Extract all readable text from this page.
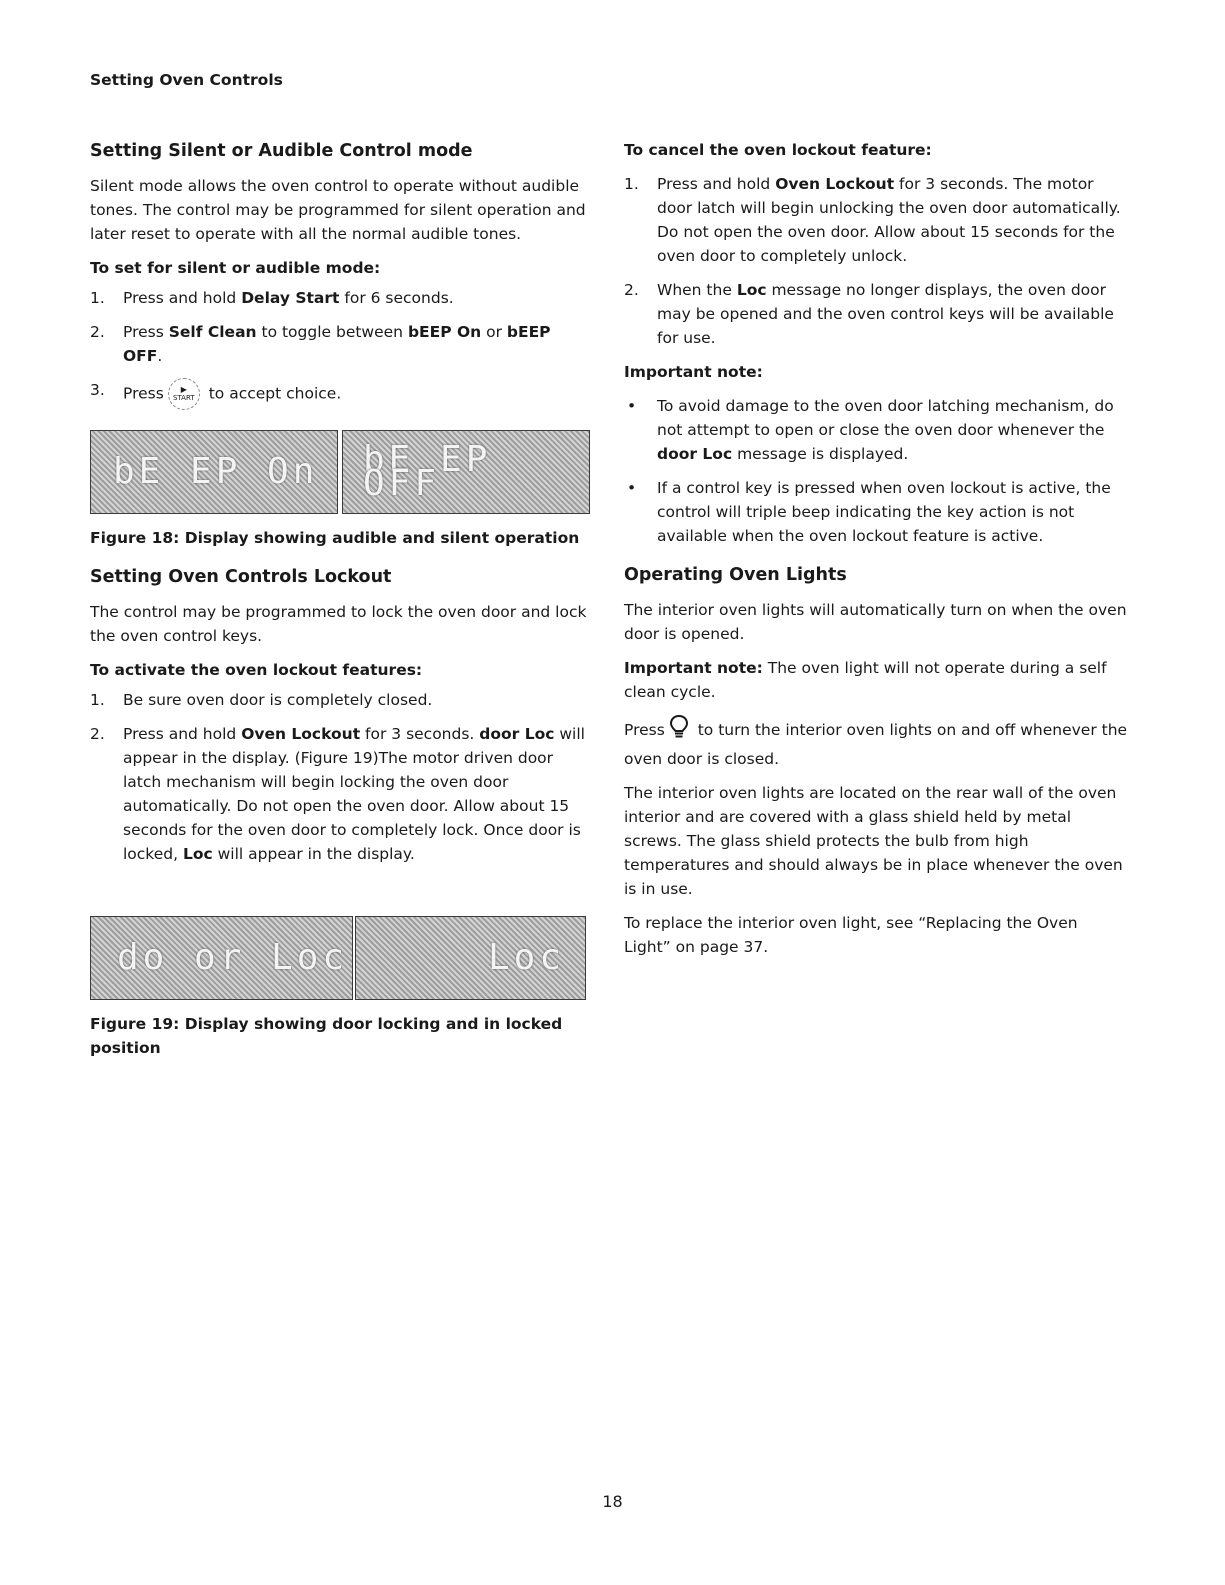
Setting Oven Controls
Setting Silent or Audible Control mode

Silent mode allows the oven control to operate without audible tones. The control may be programmed for silent operation and later reset to operate with all the normal audible tones.

To set for silent or audible mode:
1. Press and hold Delay Start for 6 seconds.
2. Press Self Clean to toggle between bEEP On or bEEP OFF.
3. Press ▶
START to accept choice.
bE EP On bE EP OFF
Figure 18: Display showing audible and silent operation
Setting Oven Controls Lockout

The control may be programmed to lock the oven door and lock the oven control keys.

To activate the oven lockout features:
1. Be sure oven door is completely closed.
2. Press and hold Oven Lockout for 3 seconds. door Loc will appear in the display. (Figure 19)The motor driven door latch mechanism will begin locking the oven door automatically. Do not open the oven door. Allow about 15 seconds for the oven door to completely lock. Once door is locked, Loc will appear in the display.
do or Loc	Loc
Figure 19: Display showing door locking and in locked position
To cancel the oven lockout feature:
1. Press and hold Oven Lockout for 3 seconds. The motor door latch will begin unlocking the oven door automatically. Do not open the oven door. Allow about 15 seconds for the oven door to completely unlock.
2. When the Loc message no longer displays, the oven door may be opened and the oven control keys will be available for use.
Important note:
• To avoid damage to the oven door latching mechanism, do not attempt to open or close the oven door whenever the door Loc message is displayed.
• If a control key is pressed when oven lockout is active, the control will triple beep indicating the key action is not available when the oven lockout feature is active.
Operating Oven Lights

The interior oven lights will automatically turn on when the oven door is opened.

Important note: The oven light will not operate during a self clean cycle.

Press to turn the interior oven lights on and off whenever the oven door is closed.

The interior oven lights are located on the rear wall of the oven interior and are covered with a glass shield held by metal screws. The glass shield protects the bulb from high temperatures and should always be in place whenever the oven is in use.

To replace the interior oven light, see “Replacing the Oven Light” on page 37.

18
